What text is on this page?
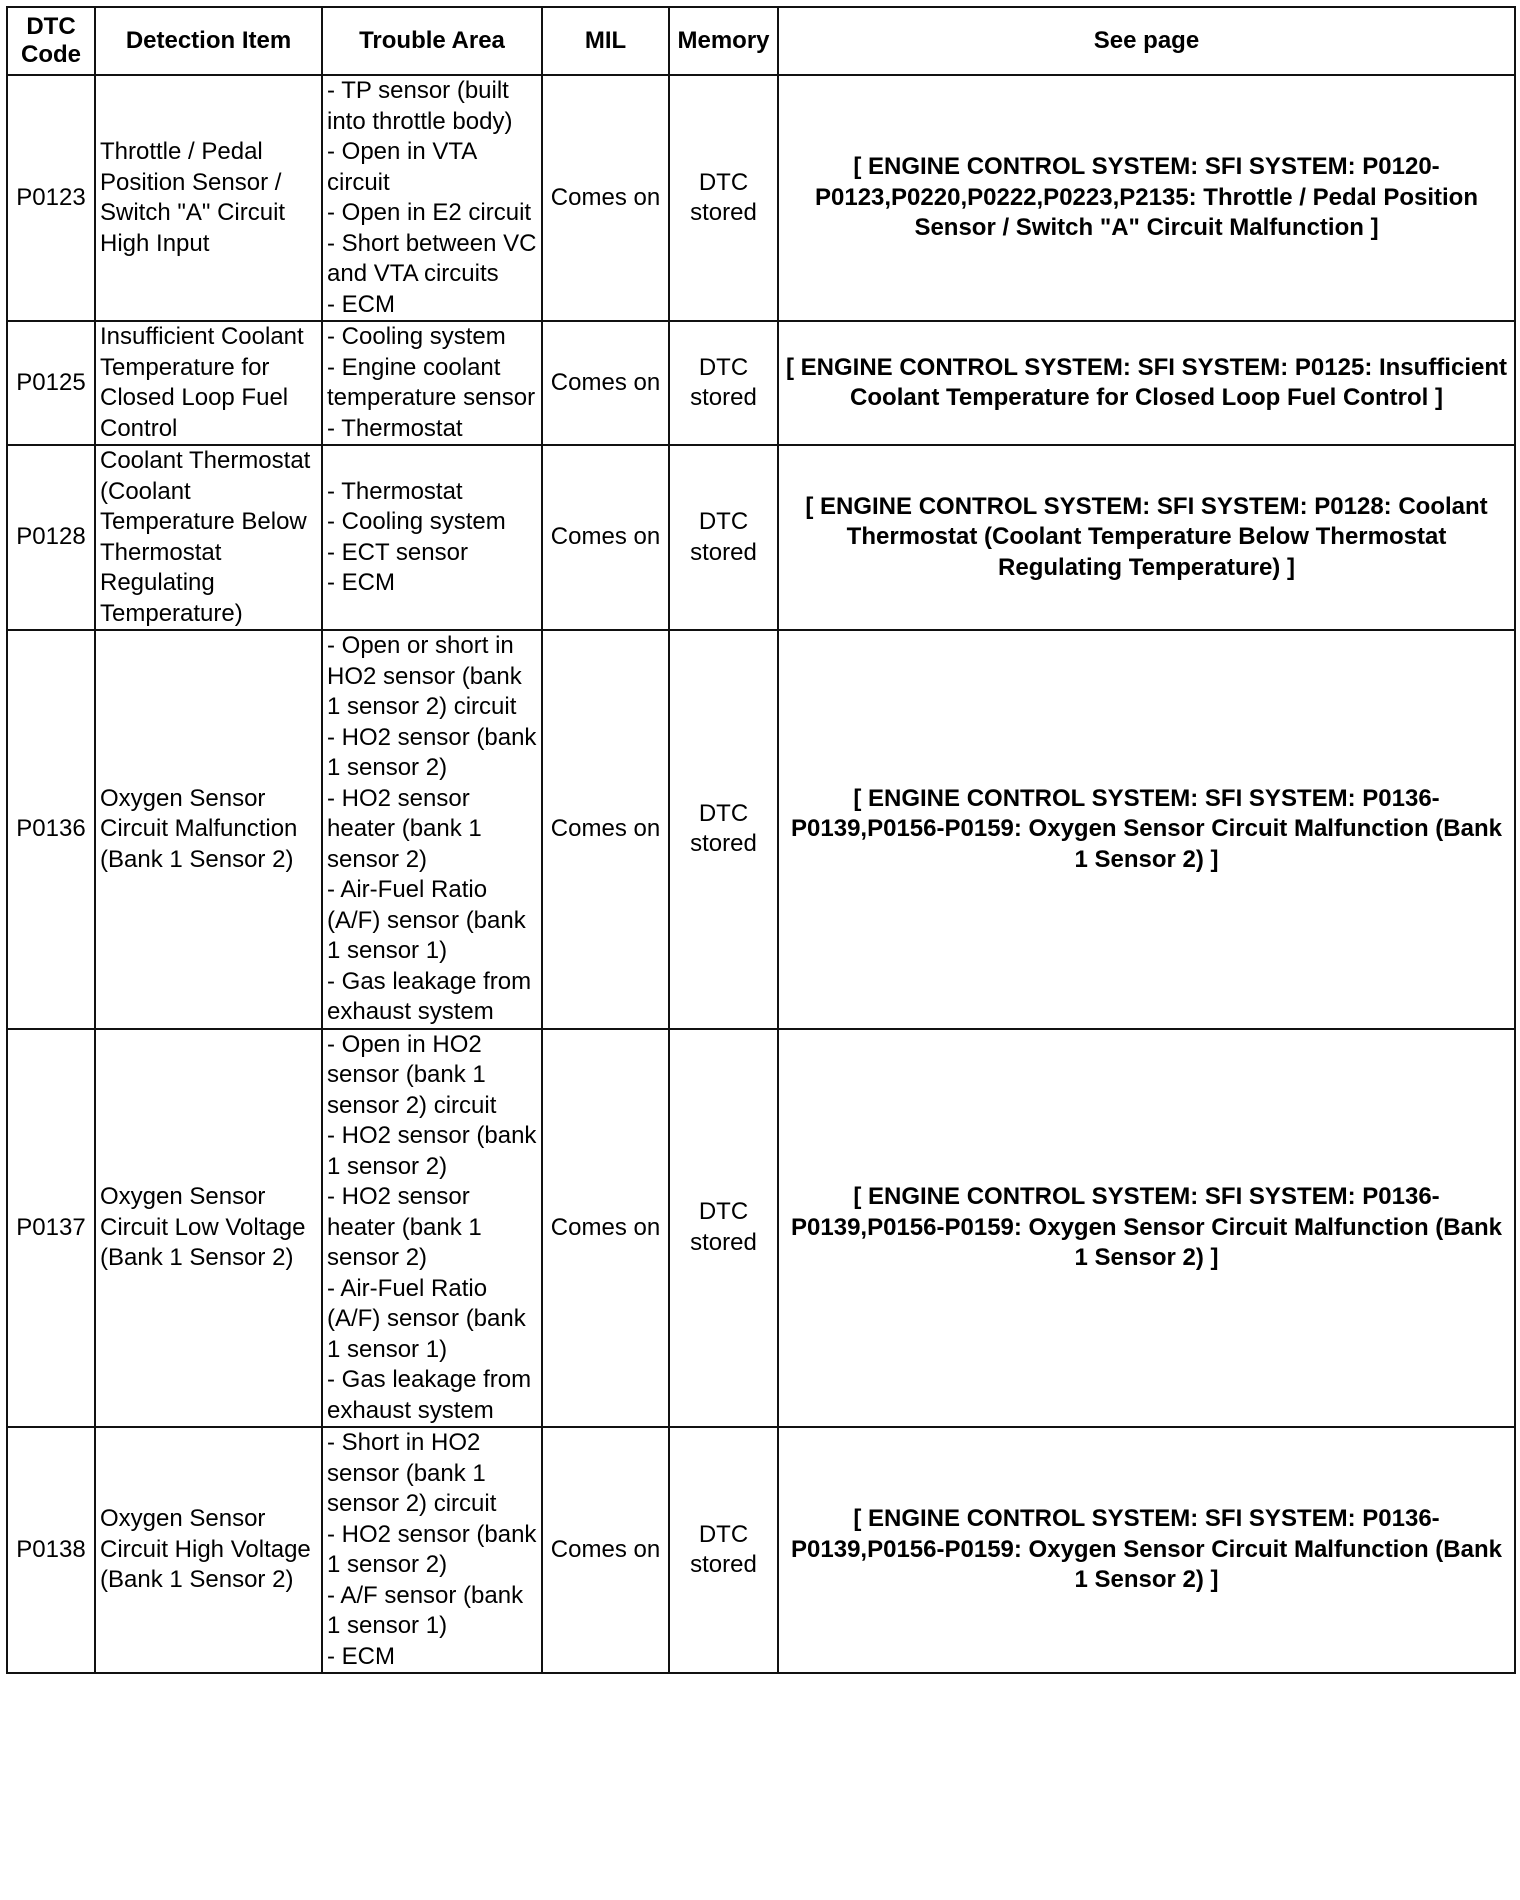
DTC
Code	Detection Item	Trouble Area	MIL	Memory	See page
P0123	Throttle / Pedal Position Sensor / Switch "A" Circuit High Input	- TP sensor (built into throttle body)
- Open in VTA circuit
- Open in E2 circuit
- Short between VC and VTA circuits
- ECM	Comes on	DTC stored	[ ENGINE CONTROL SYSTEM: SFI SYSTEM: P0120-P0123,P0220,P0222,P0223,P2135: Throttle / Pedal Position Sensor / Switch "A" Circuit Malfunction ]
P0125	Insufficient Coolant Temperature for Closed Loop Fuel Control	- Cooling system
- Engine coolant temperature sensor
- Thermostat	Comes on	DTC stored	[ ENGINE CONTROL SYSTEM: SFI SYSTEM: P0125: Insufficient Coolant Temperature for Closed Loop Fuel Control ]
P0128	Coolant Thermostat (Coolant Temperature Below Thermostat Regulating Temperature)	- Thermostat
- Cooling system
- ECT sensor
- ECM	Comes on	DTC stored	[ ENGINE CONTROL SYSTEM: SFI SYSTEM: P0128: Coolant Thermostat (Coolant Temperature Below Thermostat Regulating Temperature) ]
P0136	Oxygen Sensor Circuit Malfunction (Bank 1 Sensor 2)	- Open or short in HO2 sensor (bank 1 sensor 2) circuit
- HO2 sensor (bank 1 sensor 2)
- HO2 sensor heater (bank 1 sensor 2)
- Air-Fuel Ratio (A/F) sensor (bank 1 sensor 1)
- Gas leakage from exhaust system	Comes on	DTC stored	[ ENGINE CONTROL SYSTEM: SFI SYSTEM: P0136-P0139,P0156-P0159: Oxygen Sensor Circuit Malfunction (Bank 1 Sensor 2) ]
P0137	Oxygen Sensor Circuit Low Voltage (Bank 1 Sensor 2)	- Open in HO2 sensor (bank 1 sensor 2) circuit
- HO2 sensor (bank 1 sensor 2)
- HO2 sensor heater (bank 1 sensor 2)
- Air-Fuel Ratio (A/F) sensor (bank 1 sensor 1)
- Gas leakage from exhaust system	Comes on	DTC stored	[ ENGINE CONTROL SYSTEM: SFI SYSTEM: P0136-P0139,P0156-P0159: Oxygen Sensor Circuit Malfunction (Bank 1 Sensor 2) ]
P0138	Oxygen Sensor Circuit High Voltage (Bank 1 Sensor 2)	- Short in HO2 sensor (bank 1 sensor 2) circuit
- HO2 sensor (bank 1 sensor 2)
- A/F sensor (bank 1 sensor 1)
- ECM	Comes on	DTC stored	[ ENGINE CONTROL SYSTEM: SFI SYSTEM: P0136-P0139,P0156-P0159: Oxygen Sensor Circuit Malfunction (Bank 1 Sensor 2) ]
